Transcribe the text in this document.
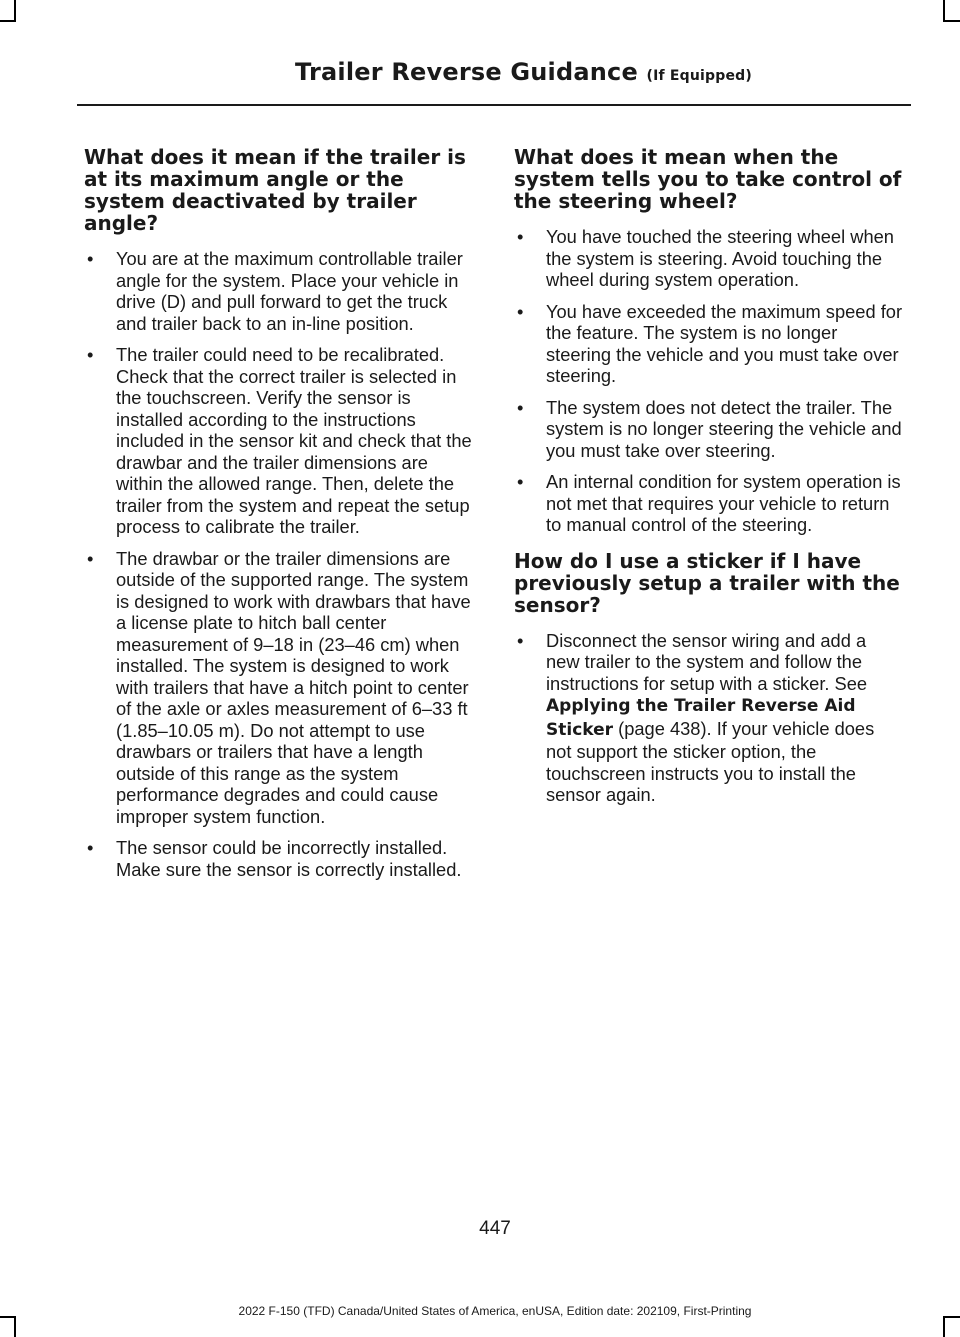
Trailer Reverse Guidance (If Equipped)
What does it mean if the trailer is at its maximum angle or the system deactivated by trailer angle?
• You are at the maximum controllable trailer angle for the system. Place your vehicle in drive (D) and pull forward to get the truck and trailer back to an in-line position.
• The trailer could need to be recalibrated. Check that the correct trailer is selected in the touchscreen. Verify the sensor is installed according to the instructions included in the sensor kit and check that the drawbar and the trailer dimensions are within the allowed range. Then, delete the trailer from the system and repeat the setup process to calibrate the trailer.
• The drawbar or the trailer dimensions are outside of the supported range. The system is designed to work with drawbars that have a license plate to hitch ball center measurement of 9–18 in (23–46 cm) when installed. The system is designed to work with trailers that have a hitch point to center of the axle or axles measurement of 6–33 ft (1.85–10.05 m). Do not attempt to use drawbars or trailers that have a length outside of this range as the system performance degrades and could cause improper system function.
• The sensor could be incorrectly installed. Make sure the sensor is correctly installed.
What does it mean when the system tells you to take control of the steering wheel?
• You have touched the steering wheel when the system is steering. Avoid touching the wheel during system operation.
• You have exceeded the maximum speed for the feature. The system is no longer steering the vehicle and you must take over steering.
• The system does not detect the trailer. The system is no longer steering the vehicle and you must take over steering.
• An internal condition for system operation is not met that requires your vehicle to return to manual control of the steering.
How do I use a sticker if I have previously setup a trailer with the sensor?
• Disconnect the sensor wiring and add a new trailer to the system and follow the instructions for setup with a sticker. See Applying the Trailer Reverse Aid Sticker (page 438). If your vehicle does not support the sticker option, the touchscreen instructs you to install the sensor again.
447
2022 F-150 (TFD) Canada/United States of America, enUSA, Edition date: 202109, First-Printing
